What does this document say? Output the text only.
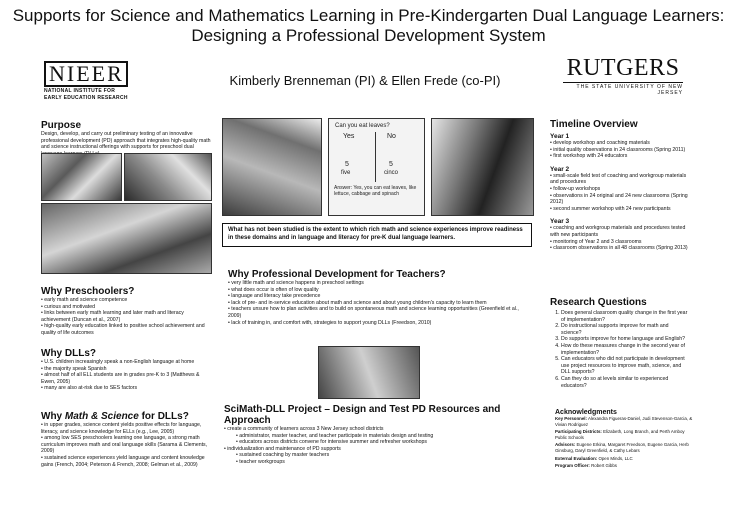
Supports for Science and Mathematics Learning in Pre-Kindergarten Dual Language Learners:
Designing a Professional Development System
NIEER
NATIONAL INSTITUTE FOR
EARLY EDUCATION RESEARCH
Kimberly Brenneman (PI) & Ellen Frede (co-PI)	RUTGERS
THE STATE UNIVERSITY OF NEW JERSEY
Purpose
Design, develop, and carry out preliminary testing of an innovative professional development (PD) approach that integrates high-quality math and science instructional offerings with supports for preschool dual
Why Preschoolers?

• early math and science competence

• curious and motivated

• links between early math learning and later math and literacy achievement (Duncan et al., 2007)

• high-quality early education linked to positive school achievement and quality of life outcomes

Why DLLs?

• U.S. children increasingly speak a non-English language at home

• the majority speak Spanish

• almost half of all ELL students are in grades pre-K to 3 (Matthews & Ewen, 2005)

• many are also at-risk due to SES factors

Why Math & Science for DLLs?

• in upper grades, science content yields positive effects for language, literacy, and science knowledge for ELLs (e.g., Lee, 2005)

• among low SES preschoolers learning one language, a strong math curriculum improves math and oral language skills (Sarama & Clements, 2009)

• sustained science experiences yield language and content knowledge gains (French, 2004; Peterson & French, 2008; Gelman et al., 2009)

Can you eat leaves?
Yes	No
5	5
five	cinco
Answer: Yes, you can eat leaves, like lettuce, cabbage and spinach
What has not been studied is the extent to which rich math and science experiences improve readiness in these domains and in language and literacy for pre-K dual language learners.
Why Professional Development for Teachers?

• very little math and science happens in preschool settings

• what does occur is often of low quality

• language and literacy take precedence

• lack of pre- and in-service education about math and science and about young children's capacity to learn them

• teachers unsure how to plan activities and to build on spontaneous math and science learning opportunities (Greenfield et al., 2009)

• lack of training in, and comfort with, strategies to support young DLLs (Freedson, 2010)

SciMath-DLL Project – Design and Test PD Resources and Approach

• create a community of learners across 3 New Jersey school districts

• administrator, master teacher, and teacher participate in materials design and testing

• educators across districts convene for intensive summer and refresher workshops

• individualization and maintenance of PD supports

• sustained coaching by master teachers

• teacher workgroups

Timeline Overview
Year 1

• develop workshop and coaching materials

• initial quality observations in 24 classrooms (Spring 2011)

• first workshop with 24 educators

Year 2

• small-scale field test of coaching and workgroup materials and procedures

• follow-up workshops

• observations in 24 original and 24 new classrooms (Spring 2012)

• second summer workshop with 24 new participants

Year 3

• coaching and workgroup materials and procedures tested with new participants

• monitoring of Year 2 and 3 classrooms

• classroom observations in all 48 classrooms (Spring 2013)

Research Questions
1. Does general classroom quality change in the first year of implementation?
2. Do instructional supports improve for math and science?
3. Do supports improve for home language and English?
4. How do these measures change in the second year of implementation?
5. Can educators who did not participate in development use project resources to improve math, science, and DLL supports?
6. Can they do so at levels similar to experienced educators?
Acknowledgments

Key Personnel: Alexandra Figueras-Daniel, Judi Stevenson-Garcia, & Vivian Rodriguez

Participating Districts: Elizabeth, Long Branch, and Perth Amboy Public Schools

Advisors: Eugene Erkina, Margaret Freedson, Eugene Garcia, Herb Ginsburg, Daryl Greenfield, & Cathy Lebars

External Evaluation: Open Minds, LLC

Program Officer: Robert Gibbs
